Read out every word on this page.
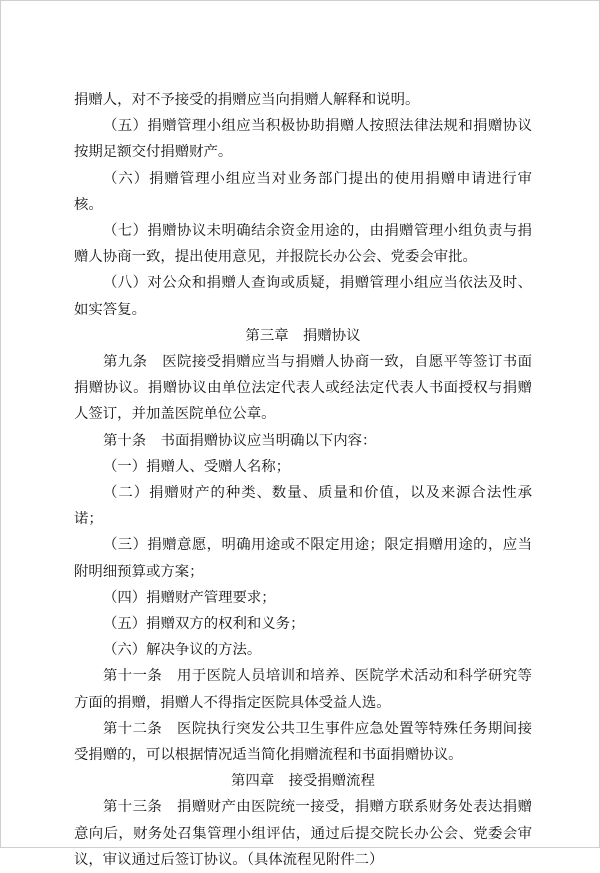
捐赠人，对不予接受的捐赠应当向捐赠人解释和说明。

（五）捐赠管理小组应当积极协助捐赠人按照法律法规和捐赠协议按期足额交付捐赠财产。

（六）捐赠管理小组应当对业务部门提出的使用捐赠申请进行审核。

（七）捐赠协议未明确结余资金用途的，由捐赠管理小组负责与捐赠人协商一致，提出使用意见，并报院长办公会、党委会审批。

（八）对公众和捐赠人查询或质疑，捐赠管理小组应当依法及时、如实答复。

第三章　捐赠协议

第九条　医院接受捐赠应当与捐赠人协商一致，自愿平等签订书面捐赠协议。捐赠协议由单位法定代表人或经法定代表人书面授权与捐赠人签订，并加盖医院单位公章。

第十条　书面捐赠协议应当明确以下内容：

（一）捐赠人、受赠人名称；

（二）捐赠财产的种类、数量、质量和价值，以及来源合法性承诺；

（三）捐赠意愿，明确用途或不限定用途；限定捐赠用途的，应当附明细预算或方案；

（四）捐赠财产管理要求；

（五）捐赠双方的权利和义务；

（六）解决争议的方法。

第十一条　用于医院人员培训和培养、医院学术活动和科学研究等方面的捐赠，捐赠人不得指定医院具体受益人选。

第十二条　医院执行突发公共卫生事件应急处置等特殊任务期间接受捐赠的，可以根据情况适当简化捐赠流程和书面捐赠协议。

第四章　接受捐赠流程

第十三条　捐赠财产由医院统一接受，捐赠方联系财务处表达捐赠意向后，财务处召集管理小组评估，通过后提交院长办公会、党委会审议，审议通过后签订协议。（具体流程见附件二）
